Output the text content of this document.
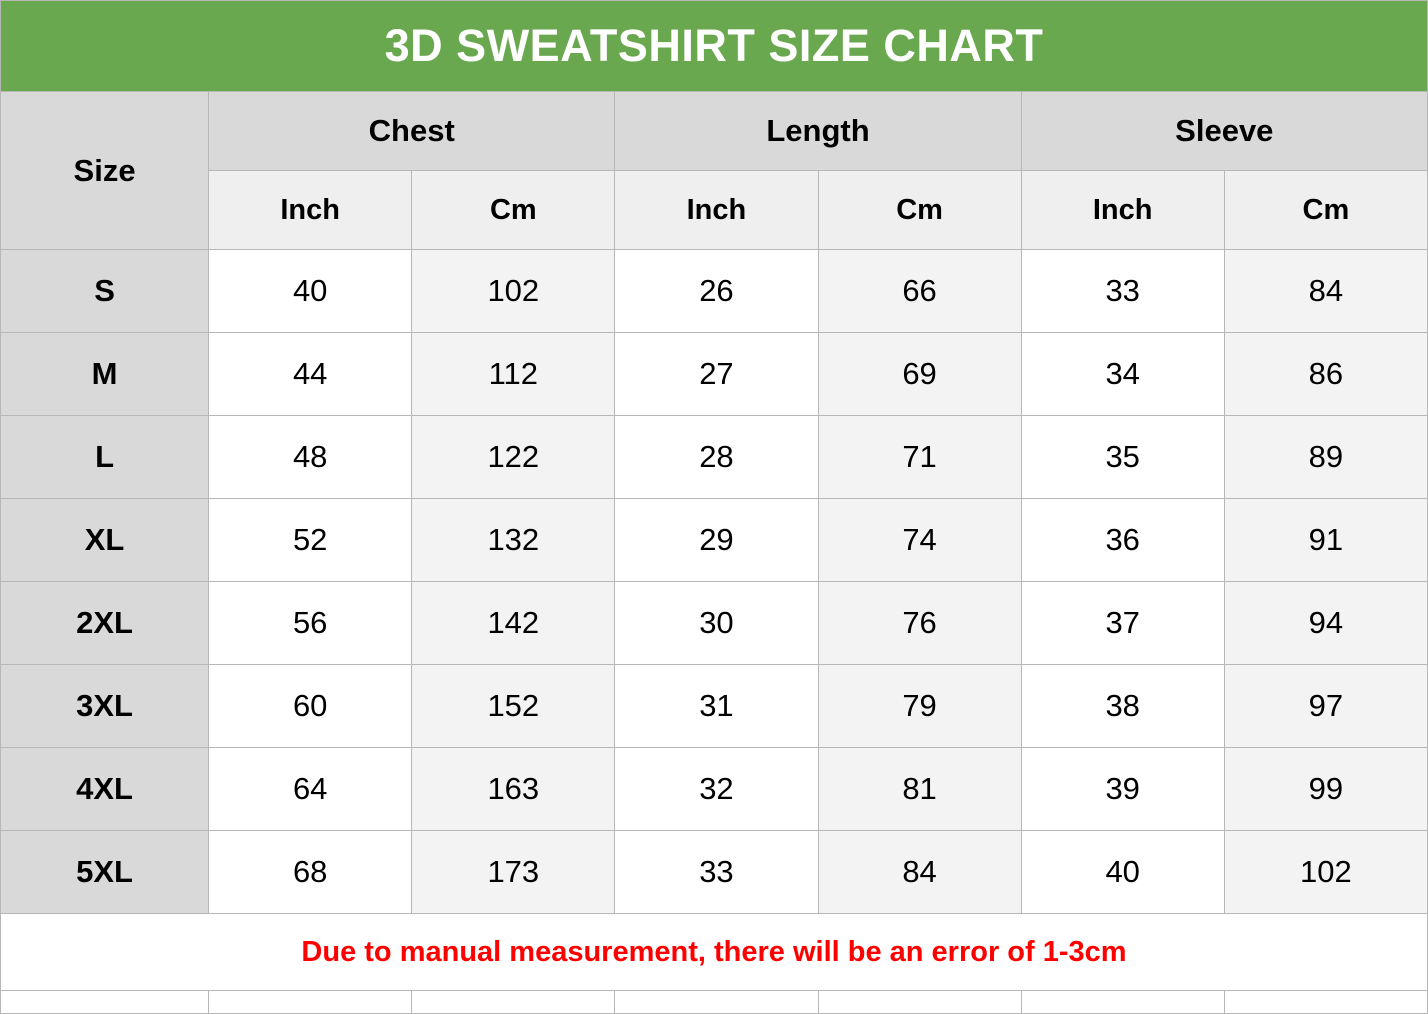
3D SWEATSHIRT SIZE CHART						
Size	Chest		Length		Sleeve	
	Inch	Cm	Inch	Cm	Inch	Cm
S	40	102	26	66	33	84
M	44	112	27	69	34	86
L	48	122	28	71	35	89
XL	52	132	29	74	36	91
2XL	56	142	30	76	37	94
3XL	60	152	31	79	38	97
4XL	64	163	32	81	39	99
5XL	68	173	33	84	40	102
Due to manual measurement, there will be an error of 1-3cm						
